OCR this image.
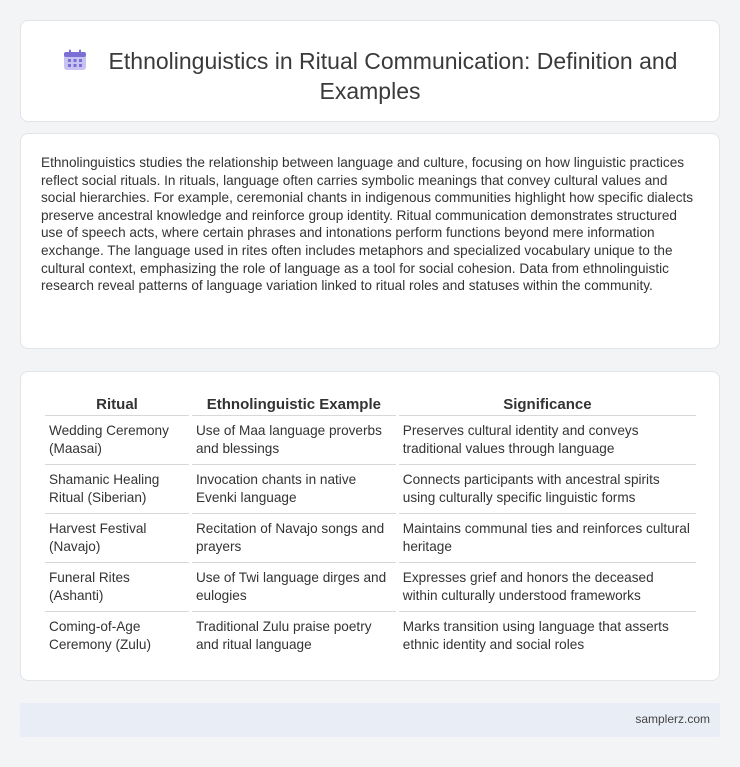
Ethnolinguistics in Ritual Communication: Definition and Examples

Ethnolinguistics studies the relationship between language and culture, focusing on how linguistic practices reflect social rituals. In rituals, language often carries symbolic meanings that convey cultural values and social hierarchies. For example, ceremonial chants in indigenous communities highlight how specific dialects preserve ancestral knowledge and reinforce group identity. Ritual communication demonstrates structured use of speech acts, where certain phrases and intonations perform functions beyond mere information exchange. The language used in rites often includes metaphors and specialized vocabulary unique to the cultural context, emphasizing the role of language as a tool for social cohesion. Data from ethnolinguistic research reveal patterns of language variation linked to ritual roles and statuses within the community.

Ritual	Ethnolinguistic Example	Significance
Wedding Ceremony (Maasai)	Use of Maa language proverbs and blessings	Preserves cultural identity and conveys traditional values through language
Shamanic Healing Ritual (Siberian)	Invocation chants in native Evenki language	Connects participants with ancestral spirits using culturally specific linguistic forms
Harvest Festival (Navajo)	Recitation of Navajo songs and prayers	Maintains communal ties and reinforces cultural heritage
Funeral Rites (Ashanti)	Use of Twi language dirges and eulogies	Expresses grief and honors the deceased within culturally understood frameworks
Coming-of-Age Ceremony (Zulu)	Traditional Zulu praise poetry and ritual language	Marks transition using language that asserts ethnic identity and social roles
samplerz.com
